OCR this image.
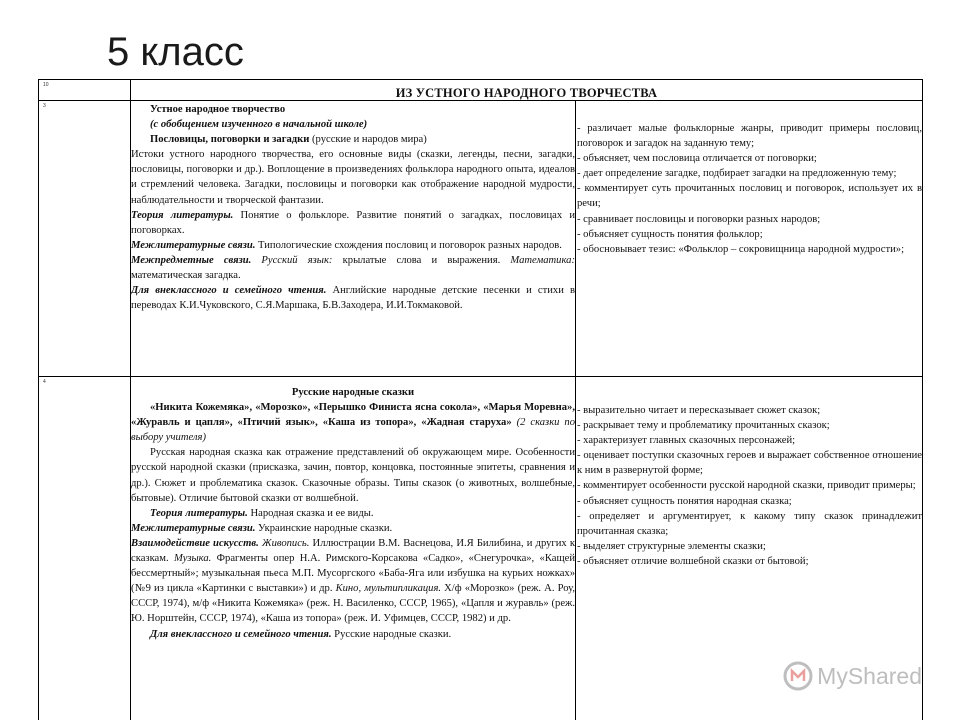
5 класс
10
ИЗ УСТНОГО НАРОДНОГО ТВОРЧЕСТВА
3	Устное народное творчество

(с обобщением изученного в начальной школе)

Пословицы, поговорки и загадки (русские и народов мира)

Истоки устного народного творчества, его основные виды (сказки, легенды, песни, загадки, пословицы, поговорки и др.). Воплощение в произведениях фольклора народного опыта, идеалов и стремлений человека. Загадки, пословицы и поговорки как отображение народной мудрости, наблюдательности и творческой фантазии.

Теория литературы. Понятие о фольклоре. Развитие понятий о загадках, пословицах и поговорках.

Межлитературные связи. Типологические схождения пословиц и поговорок разных народов.

Межпредметные связи. Русский язык: крылатые слова и выражения. Математика: математическая загадка.

Для внеклассного и семейного чтения. Английские народные детские песенки и стихи в переводах К.И.Чуковского, С.Я.Маршака, Б.В.Заходера, И.И.Токмаковой.

- различает малые фольклорные жанры, приводит примеры пословиц, поговорок и загадок на заданную тему;
- объясняет, чем пословица отличается от поговорки;
- дает определение загадке, подбирает загадки на предложенную тему;
- комментирует суть прочитанных пословиц и поговорок, использует их в речи;
- сравнивает пословицы и поговорки разных народов;
- объясняет сущность понятия фольклор;
- обосновывает тезис: «Фольклор – сокровищница народной мудрости»;
4

Русские народные сказки

«Никита Кожемяка», «Морозко», «Перышко Финиста ясна сокола», «Марья Моревна», «Журавль и цапля», «Птичий язык», «Каша из топора», «Жадная старуха» (2 сказки по выбору учителя)

Русская народная сказка как отражение представлений об окружающем мире. Особенности русской народной сказки (присказка, зачин, повтор, концовка, постоянные эпитеты, сравнения и др.). Сюжет и проблематика сказок. Сказочные образы. Типы сказок (о животных, волшебные, бытовые). Отличие бытовой сказки от волшебной.

Теория литературы. Народная сказка и ее виды.

Межлитературные связи. Украинские народные сказки.

Взаимодействие искусств. Живопись. Иллюстрации В.М. Васнецова, И.Я Билибина, и других к сказкам. Музыка. Фрагменты опер Н.А. Римского-Корсакова «Садко», «Снегурочка», «Кащей бессмертный»; музыкальная пьеса М.П. Мусоргского «Баба-Яга или избушка на курьих ножках» (№9 из цикла «Картинки с выставки») и др. Кино, мультипликация. Х/ф «Морозко» (реж. А. Роу, СССР, 1974), м/ф «Никита Кожемяка» (реж. Н. Василенко, СССР, 1965), «Цапля и журавль» (реж. Ю. Норштейн, СССР, 1974), «Каша из топора» (реж. И. Уфимцев, СССР, 1982) и др.

Для внеклассного и семейного чтения. Русские народные сказки.

- выразительно читает и пересказывает сюжет сказок;
- раскрывает тему и проблематику прочитанных сказок;
- характеризует главных сказочных персонажей;
- оценивает поступки сказочных героев и выражает собственное отношение к ним в развернутой форме;
- комментирует особенности русской народной сказки, приводит примеры;
- объясняет сущность понятия народная сказка;
- определяет и аргументирует, к какому типу сказок принадлежит прочитанная сказка;
- выделяет структурные элементы сказки;
- объясняет отличие волшебной сказки от бытовой;
MyShared
